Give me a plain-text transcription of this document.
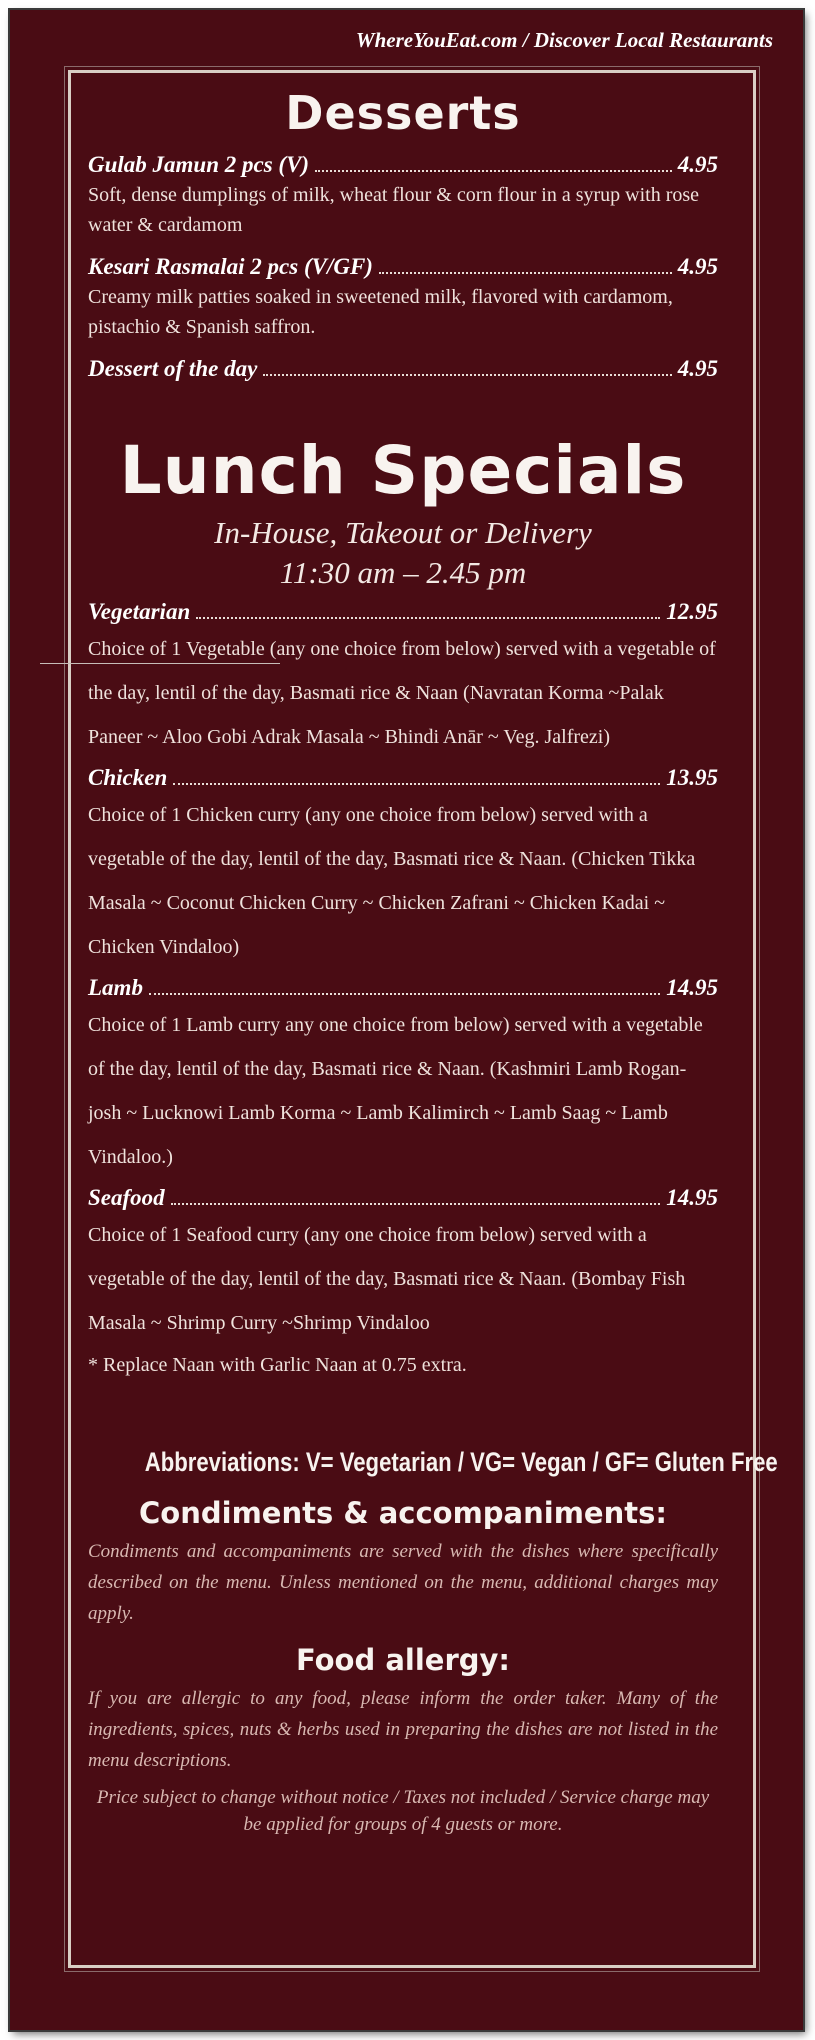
WhereYouEat.com / Discover Local Restaurants
Desserts
Gulab Jamun 2 pcs (V)	4.95
Soft, dense dumplings of milk, wheat flour & corn flour in a syrup with rose water & cardamom
Kesari Rasmalai 2 pcs (V/GF)	4.95
Creamy milk patties soaked in sweetened milk, flavored with cardamom, pistachio & Spanish saffron.
Dessert of the day	4.95
Lunch Specials
In-House, Takeout or Delivery
11:30 am – 2.45 pm
Vegetarian	12.95
Choice of 1 Vegetable (any one choice from below) served with a vegetable of the day, lentil of the day, Basmati rice & Naan (Navratan Korma ~Palak Paneer ~ Aloo Gobi Adrak Masala ~ Bhindi Anār ~ Veg. Jalfrezi)
Chicken	13.95
Choice of 1 Chicken curry (any one choice from below) served with a vegetable of the day, lentil of the day, Basmati rice & Naan. (Chicken Tikka Masala ~ Coconut Chicken Curry ~ Chicken Zafrani ~ Chicken Kadai ~ Chicken Vindaloo)
Lamb	14.95
Choice of 1 Lamb curry any one choice from below) served with a vegetable of the day, lentil of the day, Basmati rice & Naan. (Kashmiri Lamb Rogan-josh ~ Lucknowi Lamb Korma ~ Lamb Kalimirch ~ Lamb Saag ~ Lamb Vindaloo.)
Seafood	14.95
Choice of 1 Seafood curry (any one choice from below) served with a vegetable of the day, lentil of the day, Basmati rice & Naan. (Bombay Fish Masala ~ Shrimp Curry ~Shrimp Vindaloo
* Replace Naan with Garlic Naan at 0.75 extra.
Abbreviations: V= Vegetarian / VG= Vegan / GF= Gluten Free
Condiments & accompaniments:
Condiments and accompaniments are served with the dishes where specifically described on the menu. Unless mentioned on the menu, additional charges may apply.
Food allergy:
If you are allergic to any food, please inform the order taker. Many of the ingredients, spices, nuts & herbs used in preparing the dishes are not listed in the menu descriptions.
Price subject to change without notice / Taxes not included / Service charge may be applied for groups of 4 guests or more.
